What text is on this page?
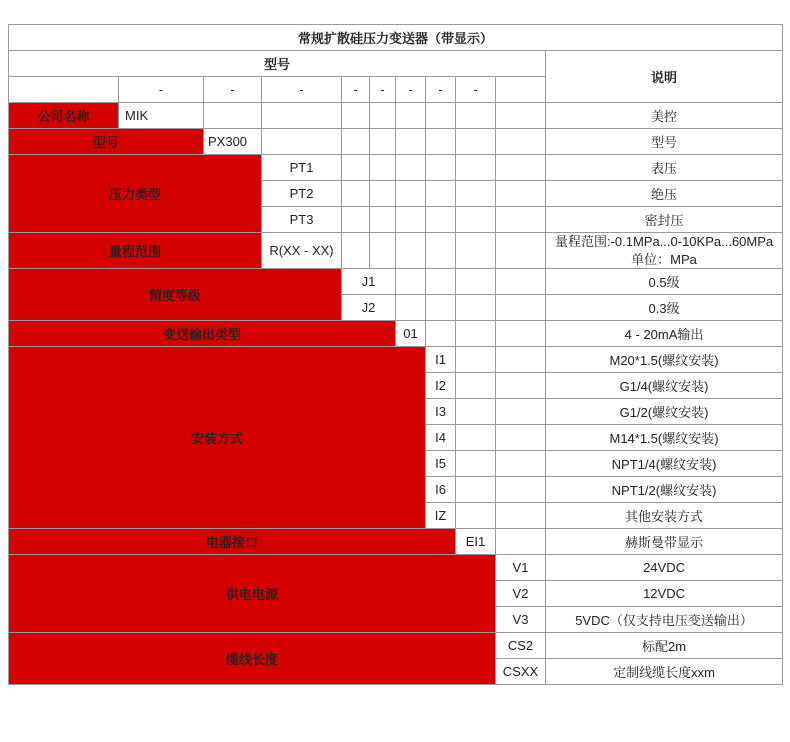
常规扩散硅压力变送器（带显示）										
型号										说明
	-	-	-	-	-	-	-	-		
公司名称	MIK									美控
型号		PX300								型号
压力类型			PT1							表压
			PT2							绝压
			PT3							密封压
量程范围			R(XX - XX)							量程范围:-0.1MPa...0-10KPa...60MPa
单位：MPa

精度等级				J1						0.5级
				J2						0.3级
变送输出类型						01				4 - 20mA输出
安装方式							I1			M20*1.5(螺纹安装)
							I2			G1/4(螺纹安装)
							I3			G1/2(螺纹安装)
							I4			M14*1.5(螺纹安装)
							I5			NPT1/4(螺纹安装)
							I6			NPT1/2(螺纹安装)
							IZ			其他安装方式
电器接口								EI1		赫斯曼带显示
供电电源									V1	24VDC
									V2	12VDC
									V3	5VDC（仅支持电压变送输出）
缆线长度									CS2	标配2m
									CSXX	定制线缆长度xxm
